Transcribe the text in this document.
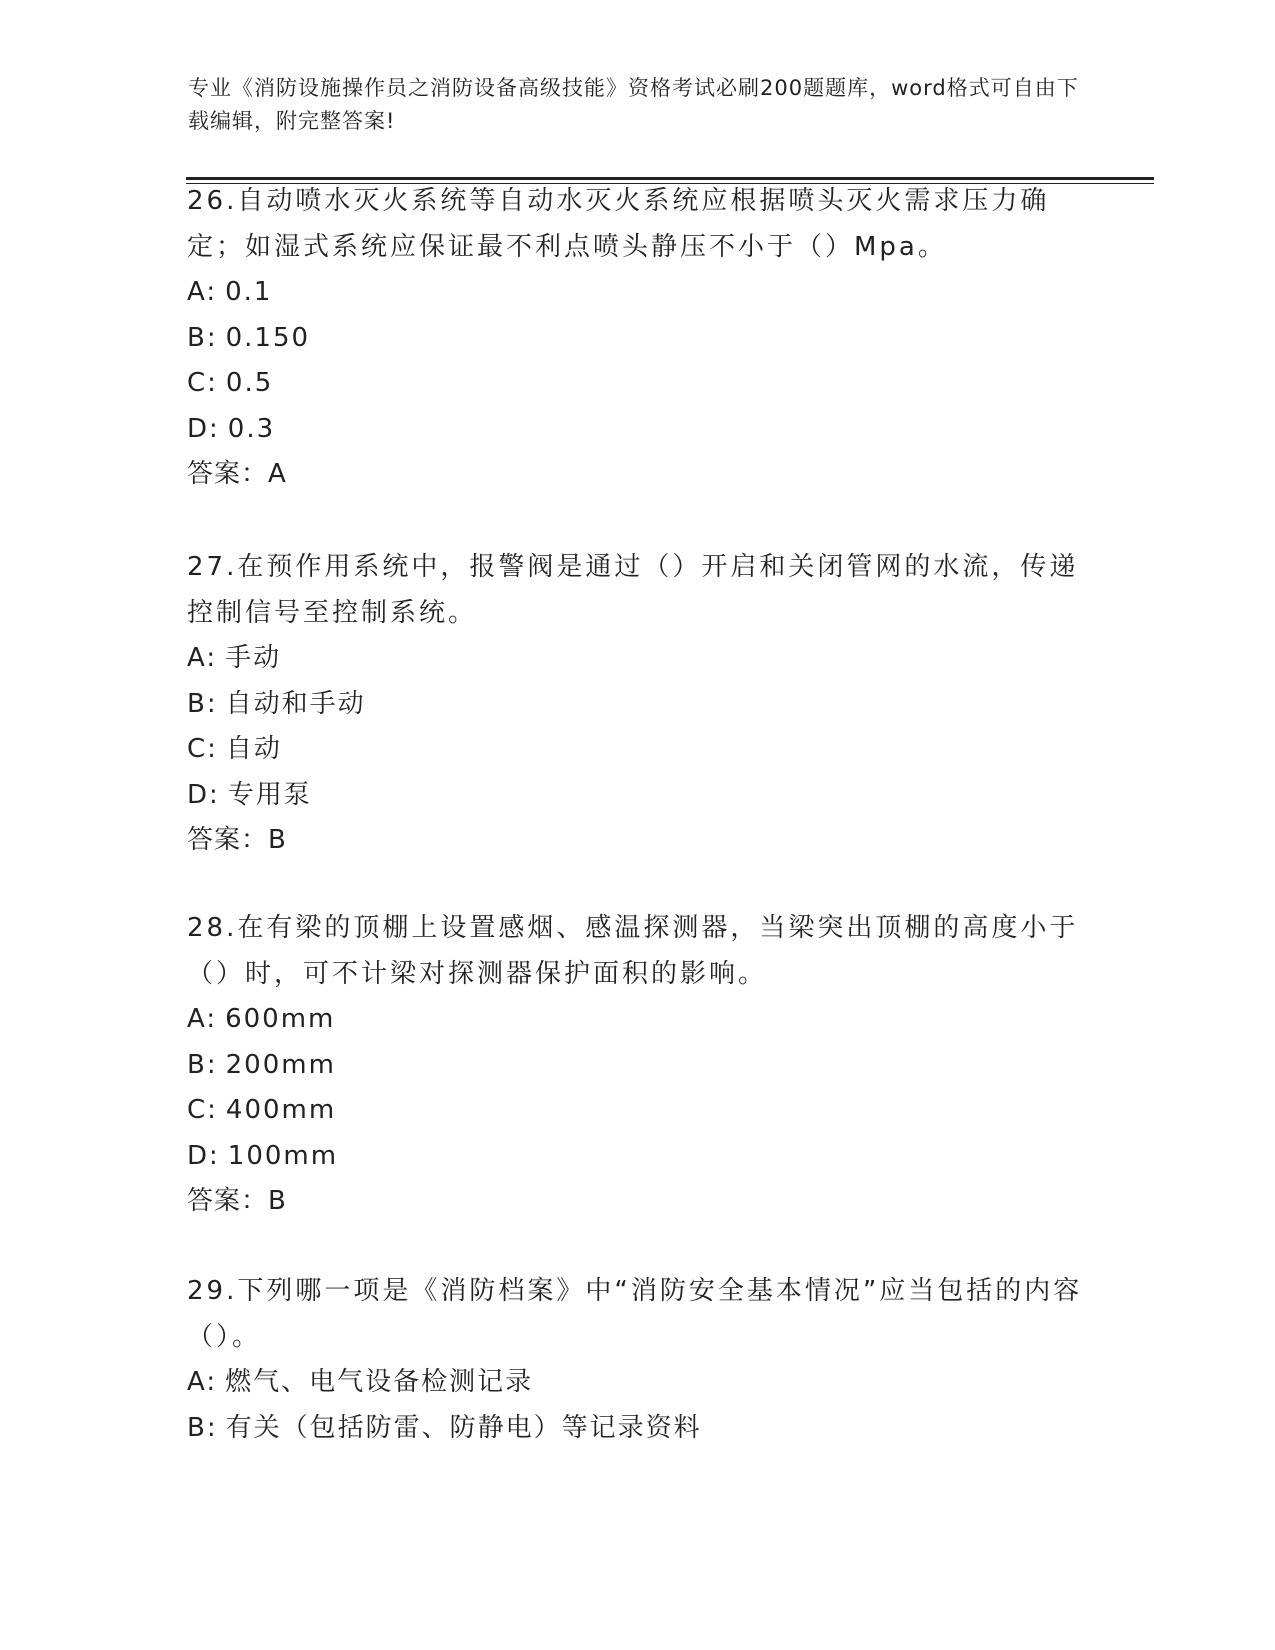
专业《消防设施操作员之消防设备高级技能》资格考试必刷200题题库，word格式可自由下载编辑，附完整答案!

26.自动喷水灭火系统等自动水灭火系统应根据喷头灭火需求压力确定；如湿式系统应保证最不利点喷头静压不小于（）Mpa。

A: 0.1

B: 0.150

C: 0.5

D: 0.3

答案：A

27.在预作用系统中，报警阀是通过（）开启和关闭管网的水流，传递控制信号至控制系统。

A: 手动

B: 自动和手动

C: 自动

D: 专用泵

答案：B

28.在有梁的顶棚上设置感烟、感温探测器，当梁突出顶棚的高度小于（）时，可不计梁对探测器保护面积的影响。

A: 600mm

B: 200mm

C: 400mm

D: 100mm

答案：B

29.下列哪一项是《消防档案》中“消防安全基本情况”应当包括的内容（）。

A: 燃气、电气设备检测记录

B: 有关（包括防雷、防静电）等记录资料
